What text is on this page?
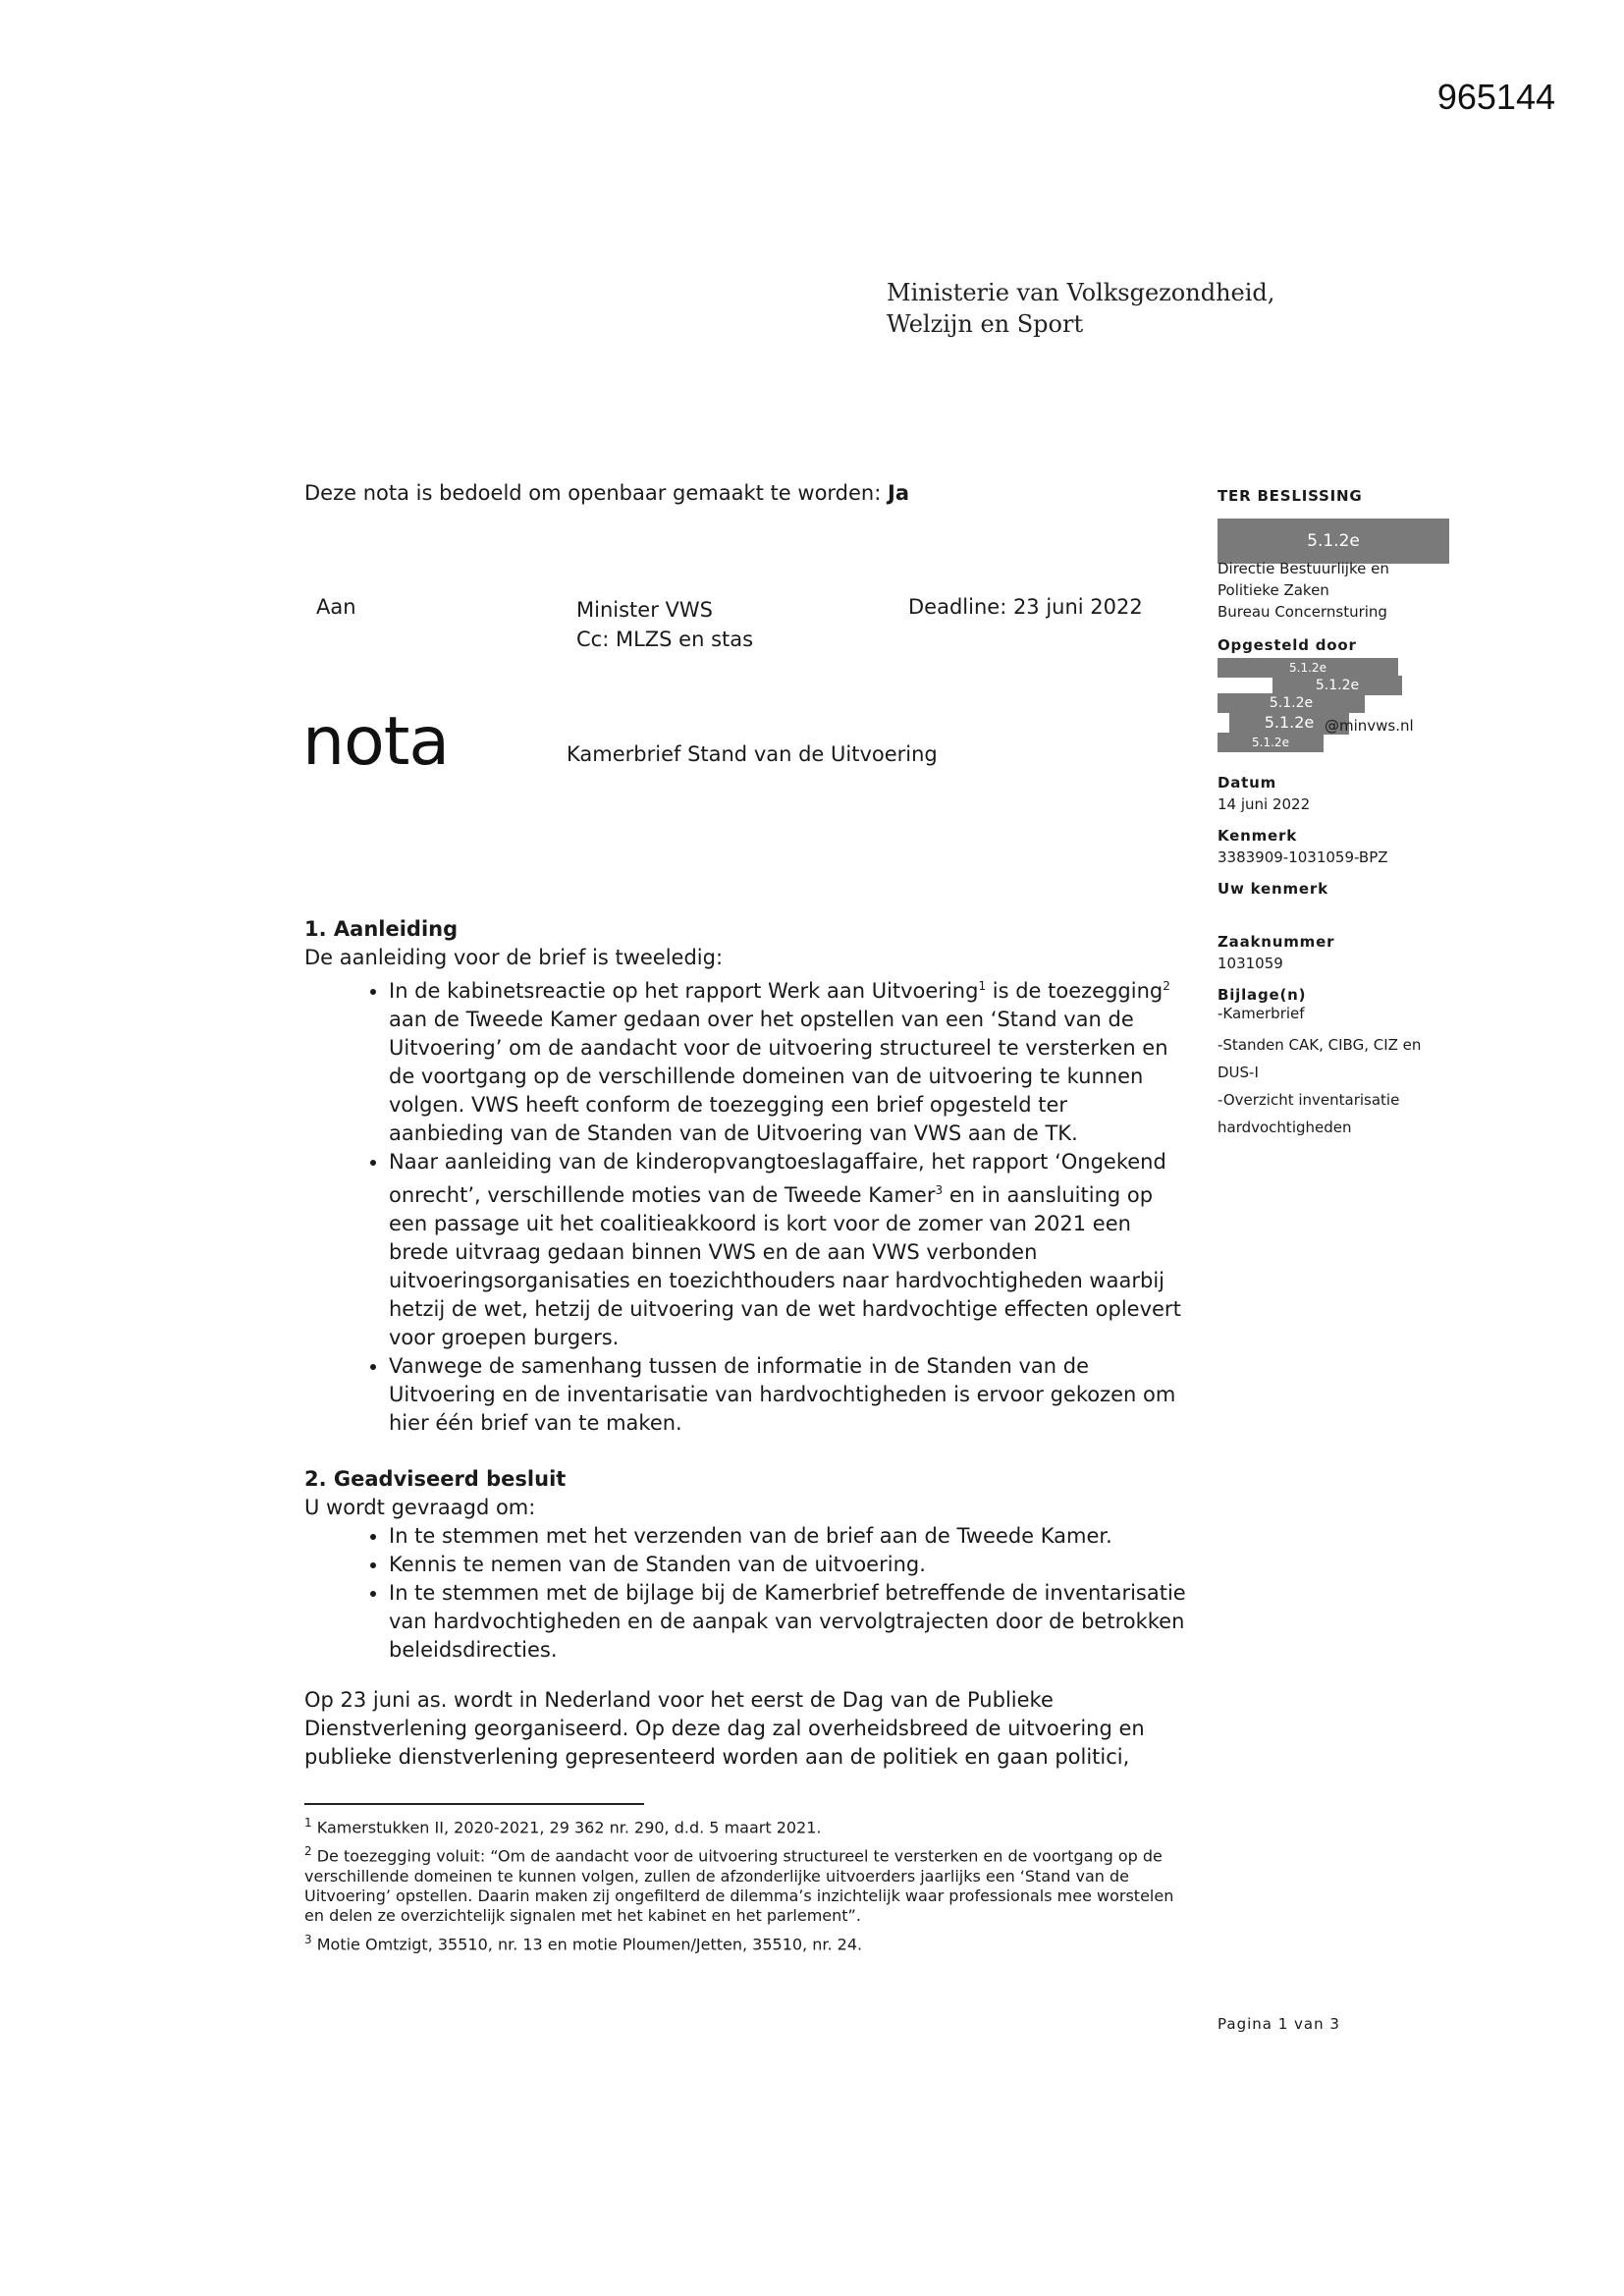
965144
Ministerie van Volksgezondheid,
Welzijn en Sport
Deze nota is bedoeld om openbaar gemaakt te worden: Ja
Aan	Minister VWS
Cc: MLZS en stas
Deadline: 23 juni 2022
nota	Kamerbrief Stand van de Uitvoering
1. Aanleiding

De aanleiding voor de brief is tweeledig:

• In de kabinetsreactie op het rapport Werk aan Uitvoering$^1$ is de toezegging$^2$ aan de Tweede Kamer gedaan over het opstellen van een ‘Stand van de Uitvoering’ om de aandacht voor de uitvoering structureel te versterken en de voortgang op de verschillende domeinen van de uitvoering te kunnen volgen. VWS heeft conform de toezegging een brief opgesteld ter aanbieding van de Standen van de Uitvoering van VWS aan de TK.
• Naar aanleiding van de kinderopvangtoeslagaffaire, het rapport ‘Ongekend onrecht’, verschillende moties van de Tweede Kamer$^3$ en in aansluiting op een passage uit het coalitieakkoord is kort voor de zomer van 2021 een brede uitvraag gedaan binnen VWS en de aan VWS verbonden uitvoeringsorganisaties en toezichthouders naar hardvochtigheden waarbij hetzij de wet, hetzij de uitvoering van de wet hardvochtige effecten oplevert voor groepen burgers.
• Vanwege de samenhang tussen de informatie in de Standen van de Uitvoering en de inventarisatie van hardvochtigheden is ervoor gekozen om hier één brief van te maken.
2. Geadviseerd besluit

U wordt gevraagd om:

• In te stemmen met het verzenden van de brief aan de Tweede Kamer.
• Kennis te nemen van de Standen van de uitvoering.
• In te stemmen met de bijlage bij de Kamerbrief betreffende de inventarisatie van hardvochtigheden en de aanpak van vervolgtrajecten door de betrokken beleidsdirecties.

Op 23 juni as. wordt in Nederland voor het eerst de Dag van de Publieke Dienstverlening georganiseerd. Op deze dag zal overheidsbreed de uitvoering en publieke dienstverlening gepresenteerd worden aan de politiek en gaan politici,

$^1$ Kamerstukken II, 2020-2021, 29 362 nr. 290, d.d. 5 maart 2021.

$^2$ De toezegging voluit: “Om de aandacht voor de uitvoering structureel te versterken en de voortgang op de verschillende domeinen te kunnen volgen, zullen de afzonderlijke uitvoerders jaarlijks een ‘Stand van de Uitvoering’ opstellen. Daarin maken zij ongefilterd de dilemma’s inzichtelijk waar professionals mee worstelen en delen ze overzichtelijk signalen met het kabinet en het parlement”.

$^3$ Motie Omtzigt, 35510, nr. 13 en motie Ploumen/Jetten, 35510, nr. 24.

TER BESLISSING
5.1.2e
Directie Bestuurlijke en
Politieke Zaken
Bureau Concernsturing
Opgesteld door
5.1.2e
5.1.2e
5.1.2e
5.1.2e
5.1.2e
@minvws.nl
Datum
14 juni 2022
Kenmerk
3383909-1031059-BPZ
Uw kenmerk
Zaaknummer
1031059
Bijlage(n)
-Kamerbrief
-Standen CAK, CIBG, CIZ en
DUS-I
-Overzicht inventarisatie
hardvochtigheden
Pagina 1 van 3
